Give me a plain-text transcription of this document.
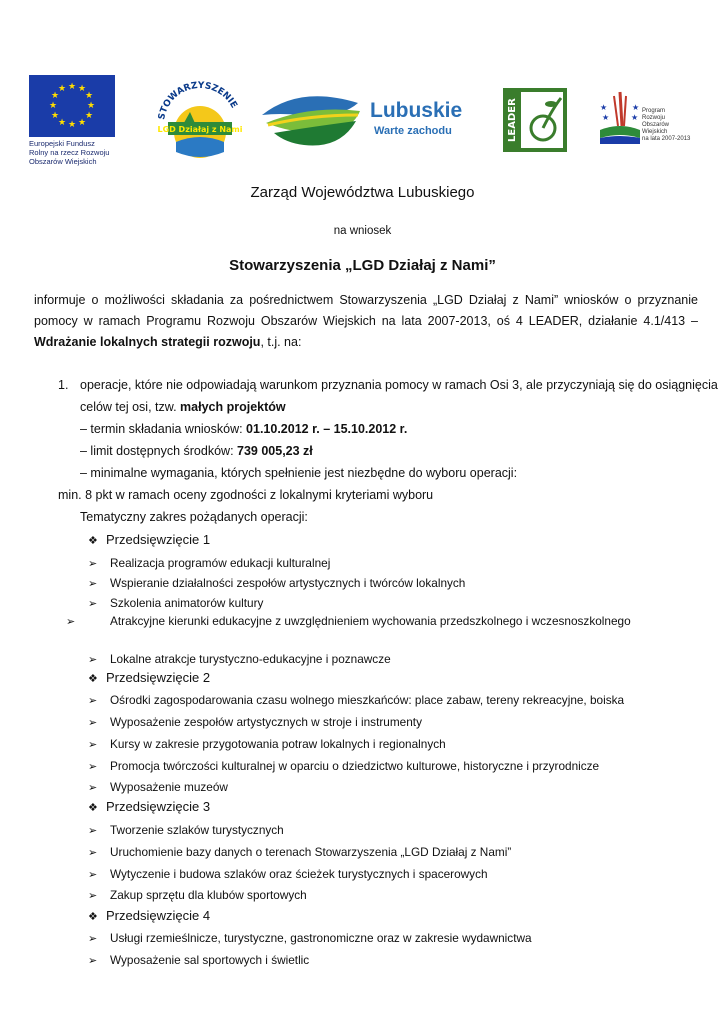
★ ★
★
★
★
★
★
★
★
★
★
★
Europejski Fundusz
Rolny na rzecz Rozwoju
Obszarów Wiejskich
STOWARZYSZENIE
LGD Działaj z Nami
Lubuskie
Warte zachodu	LEADER	★	★
★	★
Program
Rozwoju
Obszarów
Wiejskich
na lata 2007-2013
Zarząd Województwa Lubuskiego
na wniosek
Stowarzyszenia „LGD Działaj z Nami”
informuje o możliwości składania za pośrednictwem Stowarzyszenia „LGD Działaj z Nami” wniosków o przyznanie pomocy w ramach Programu Rozwoju Obszarów Wiejskich na lata 2007-2013, oś 4 LEADER, działanie 4.1/413 – Wdrażanie lokalnych strategii rozwoju, t.j. na:
1. operacje, które nie odpowiadają warunkom przyznania pomocy w ramach Osi 3, ale przyczyniają się do osiągnięcia
celów tej osi, tzw. małych projektów
– termin składania wniosków: 01.10.2012 r. – 15.10.2012 r.
– limit dostępnych środków: 739 005,23 zł
– minimalne wymagania, których spełnienie jest niezbędne do wyboru operacji:
min. 8 pkt w ramach oceny zgodności z lokalnymi kryteriami wyboru
Tematyczny zakres pożądanych operacji:
❖ Przedsięwzięcie 1
➢ Realizacja programów edukacji kulturalnej
➢ Wspieranie działalności zespołów artystycznych i twórców lokalnych
➢ Szkolenia animatorów kultury
➢	Atrakcyjne kierunki edukacyjne z uwzględnieniem wychowania przedszkolnego i wczesnoszkolnego
➢ Lokalne atrakcje turystyczno-edukacyjne i poznawcze
❖ Przedsięwzięcie 2
➢ Ośrodki zagospodarowania czasu wolnego mieszkańców: place zabaw, tereny rekreacyjne, boiska
➢ Wyposażenie zespołów artystycznych w stroje i instrumenty
➢ Kursy w zakresie przygotowania potraw lokalnych i regionalnych
➢ Promocja twórczości kulturalnej w oparciu o dziedzictwo kulturowe, historyczne i przyrodnicze
➢ Wyposażenie muzeów
❖ Przedsięwzięcie 3
➢ Tworzenie szlaków turystycznych
➢ Uruchomienie bazy danych o terenach Stowarzyszenia „LGD Działaj z Nami”
➢ Wytyczenie i budowa szlaków oraz ścieżek turystycznych i spacerowych
➢ Zakup sprzętu dla klubów sportowych
❖ Przedsięwzięcie 4
➢ Usługi rzemieślnicze, turystyczne, gastronomiczne oraz w zakresie wydawnictwa
➢ Wyposażenie sal sportowych i świetlic
